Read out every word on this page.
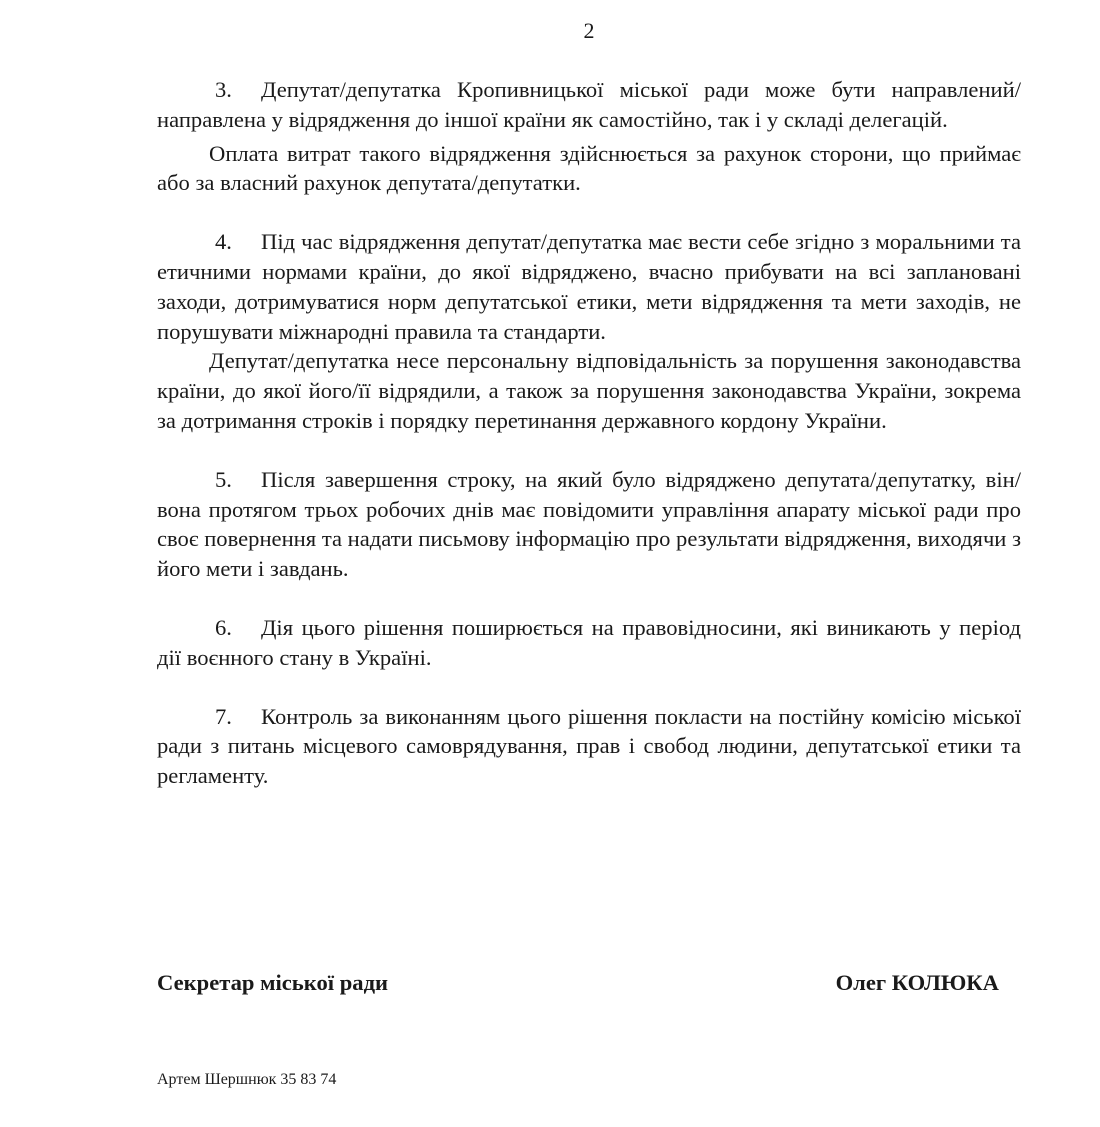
2

3. Депутат/депутатка Кропивницької міської ради може бути направлений/направлена у відрядження до іншої країни як самостійно, так і у складі делегацій.

Оплата витрат такого відрядження здійснюється за рахунок сторони, що приймає або за власний рахунок депутата/депутатки.

4. Під час відрядження депутат/депутатка має вести себе згідно з моральними та етичними нормами країни, до якої відряджено, вчасно прибувати на всі заплановані заходи, дотримуватися норм депутатської етики, мети відрядження та мети заходів, не порушувати міжнародні правила та стандарти.

Депутат/депутатка несе персональну відповідальність за порушення законодавства країни, до якої його/її відрядили, а також за порушення законодавства України, зокрема за дотримання строків і порядку перетинання державного кордону України.

5. Після завершення строку, на який було відряджено депутата/депутатку, він/вона протягом трьох робочих днів має повідомити управління апарату міської ради про своє повернення та надати письмову інформацію про результати відрядження, виходячи з його мети і завдань.

6. Дія цього рішення поширюється на правовідносини, які виникають у період дії воєнного стану в Україні.

7. Контроль за виконанням цього рішення покласти на постійну комісію міської ради з питань місцевого самоврядування, прав і свобод людини, депутатської етики та регламенту.

Секретар міської ради	Олег КОЛЮКА
Артем Шершнюк 35 83 74
